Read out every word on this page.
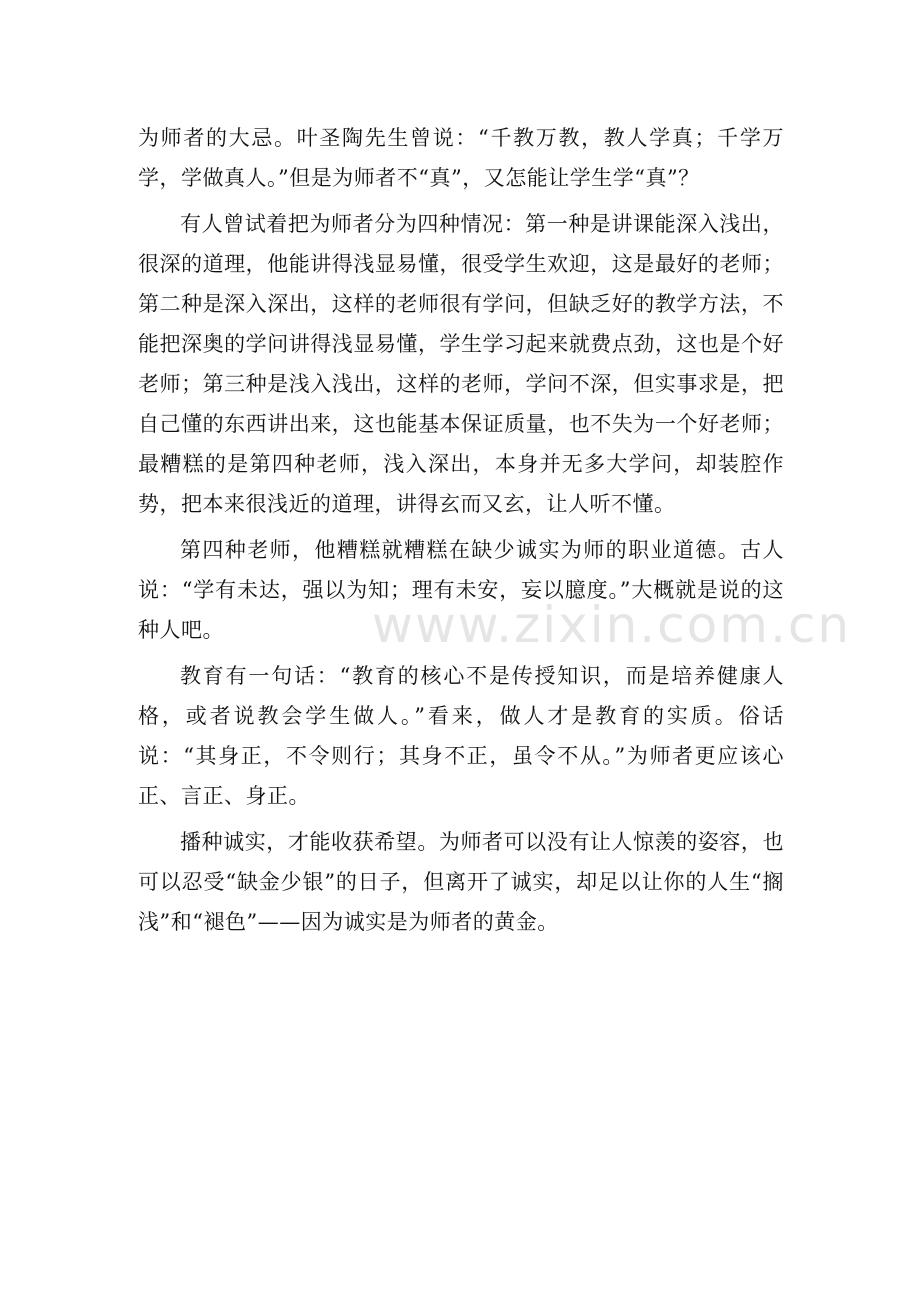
为师者的大忌。叶圣陶先生曾说：“千教万教，教人学真；千学万学，学做真人。”但是为师者不“真”，又怎能让学生学“真”？

有人曾试着把为师者分为四种情况：第一种是讲课能深入浅出，很深的道理，他能讲得浅显易懂，很受学生欢迎，这是最好的老师；第二种是深入深出，这样的老师很有学问，但缺乏好的教学方法，不能把深奥的学问讲得浅显易懂，学生学习起来就费点劲，这也是个好老师；第三种是浅入浅出，这样的老师，学问不深，但实事求是，把自己懂的东西讲出来，这也能基本保证质量，也不失为一个好老师；最糟糕的是第四种老师，浅入深出，本身并无多大学问，却装腔作势，把本来很浅近的道理，讲得玄而又玄，让人听不懂。

第四种老师，他糟糕就糟糕在缺少诚实为师的职业道德。古人说：“学有未达，强以为知；理有未安，妄以臆度。”大概就是说的这种人吧。

教育有一句话：“教育的核心不是传授知识，而是培养健康人格，或者说教会学生做人。”看来，做人才是教育的实质。俗话说：“其身正，不令则行；其身不正，虽令不从。”为师者更应该心正、言正、身正。

播种诚实，才能收获希望。为师者可以没有让人惊羡的姿容，也可以忍受“缺金少银”的日子，但离开了诚实，却足以让你的人生“搁浅”和“褪色”——因为诚实是为师者的黄金。

www.zixin.com.cn
